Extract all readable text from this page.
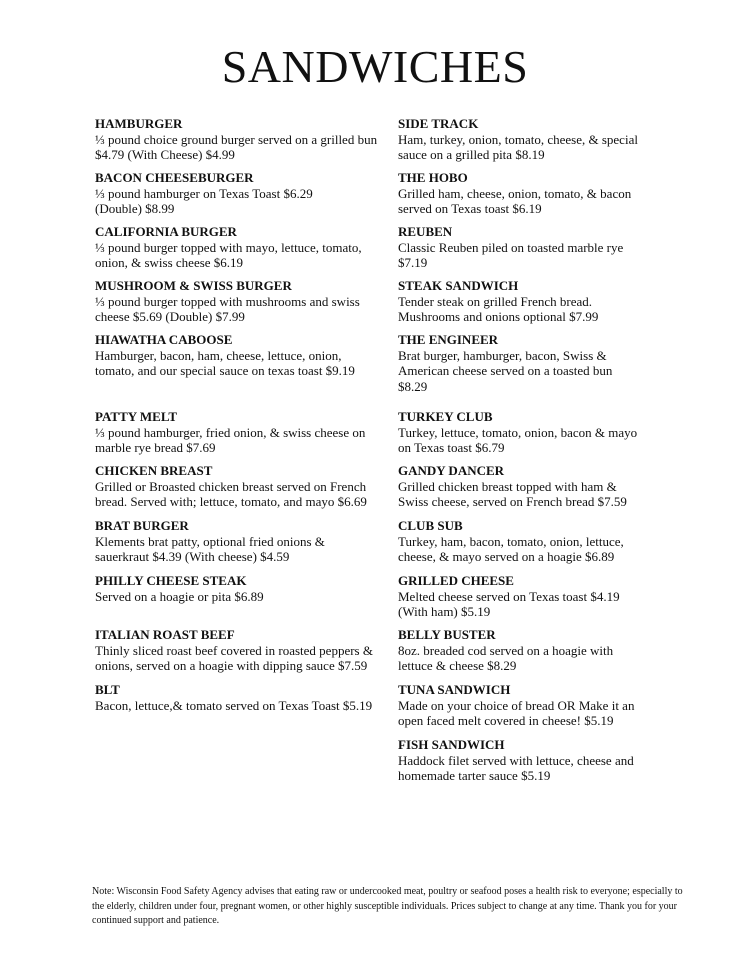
SANDWICHES
HAMBURGER
⅓ pound choice ground burger served on a grilled bun
$4.79 (With Cheese) $4.99
BACON CHEESEBURGER
⅓ pound hamburger on Texas Toast $6.29
(Double) $8.99
CALIFORNIA BURGER
⅓ pound burger topped with mayo, lettuce, tomato,
onion, & swiss cheese $6.19
MUSHROOM & SWISS BURGER
⅓ pound burger topped with mushrooms and swiss
cheese $5.69 (Double) $7.99
HIAWATHA CABOOSE
Hamburger, bacon, ham, cheese, lettuce, onion,
tomato, and our special sauce on texas toast $9.19
PATTY MELT
⅓ pound hamburger, fried onion, & swiss cheese on
marble rye bread $7.69
CHICKEN BREAST
Grilled or Broasted chicken breast served on French
bread. Served with; lettuce, tomato, and mayo $6.69
BRAT BURGER
Klements brat patty, optional fried onions &
sauerkraut $4.39 (With cheese) $4.59
PHILLY CHEESE STEAK
Served on a hoagie or pita $6.89
ITALIAN ROAST BEEF
Thinly sliced roast beef covered in roasted peppers &
onions, served on a hoagie with dipping sauce $7.59
BLT
Bacon, lettuce,& tomato served on Texas Toast $5.19
SIDE TRACK
Ham, turkey, onion, tomato, cheese, & special
sauce on a grilled pita $8.19
THE HOBO
Grilled ham, cheese, onion, tomato, & bacon
served on Texas toast $6.19
REUBEN
Classic Reuben piled on toasted marble rye
$7.19
STEAK SANDWICH
Tender steak on grilled French bread.
Mushrooms and onions optional $7.99
THE ENGINEER
Brat burger, hamburger, bacon, Swiss &
American cheese served on a toasted bun
$8.29
TURKEY CLUB
Turkey, lettuce, tomato, onion, bacon & mayo
on Texas toast $6.79
GANDY DANCER
Grilled chicken breast topped with ham &
Swiss cheese, served on French bread $7.59
CLUB SUB
Turkey, ham, bacon, tomato, onion, lettuce,
cheese, & mayo served on a hoagie $6.89
GRILLED CHEESE
Melted cheese served on Texas toast $4.19
(With ham) $5.19
BELLY BUSTER
8oz. breaded cod served on a hoagie with
lettuce & cheese $8.29
TUNA SANDWICH
Made on your choice of bread OR Make it an
open faced melt covered in cheese! $5.19
FISH SANDWICH
Haddock filet served with lettuce, cheese and
homemade tarter sauce $5.19
Note: Wisconsin Food Safety Agency advises that eating raw or undercooked meat, poultry or seafood poses a health risk to everyone; especially to the elderly, children under four, pregnant women, or other highly susceptible individuals. Prices subject to change at any time. Thank you for your continued support and patience.
